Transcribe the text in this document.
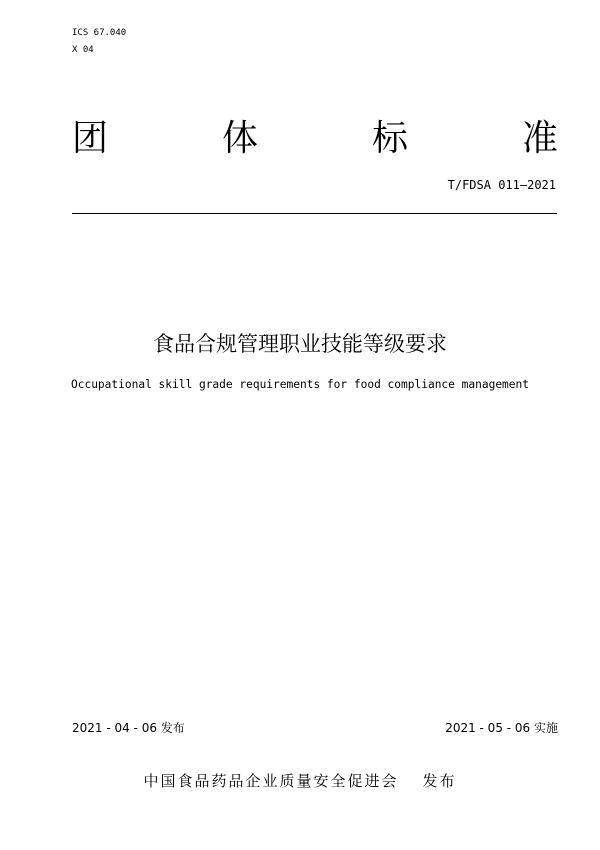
ICS 67.040
X 04
团	体	标	准
T/FDSA 011—2021
食品合规管理职业技能等级要求
Occupational skill grade requirements for food compliance management
2021 - 04 - 06 发布	2021 - 05 - 06 实施
中国食品药品企业质量安全促进会 发布
